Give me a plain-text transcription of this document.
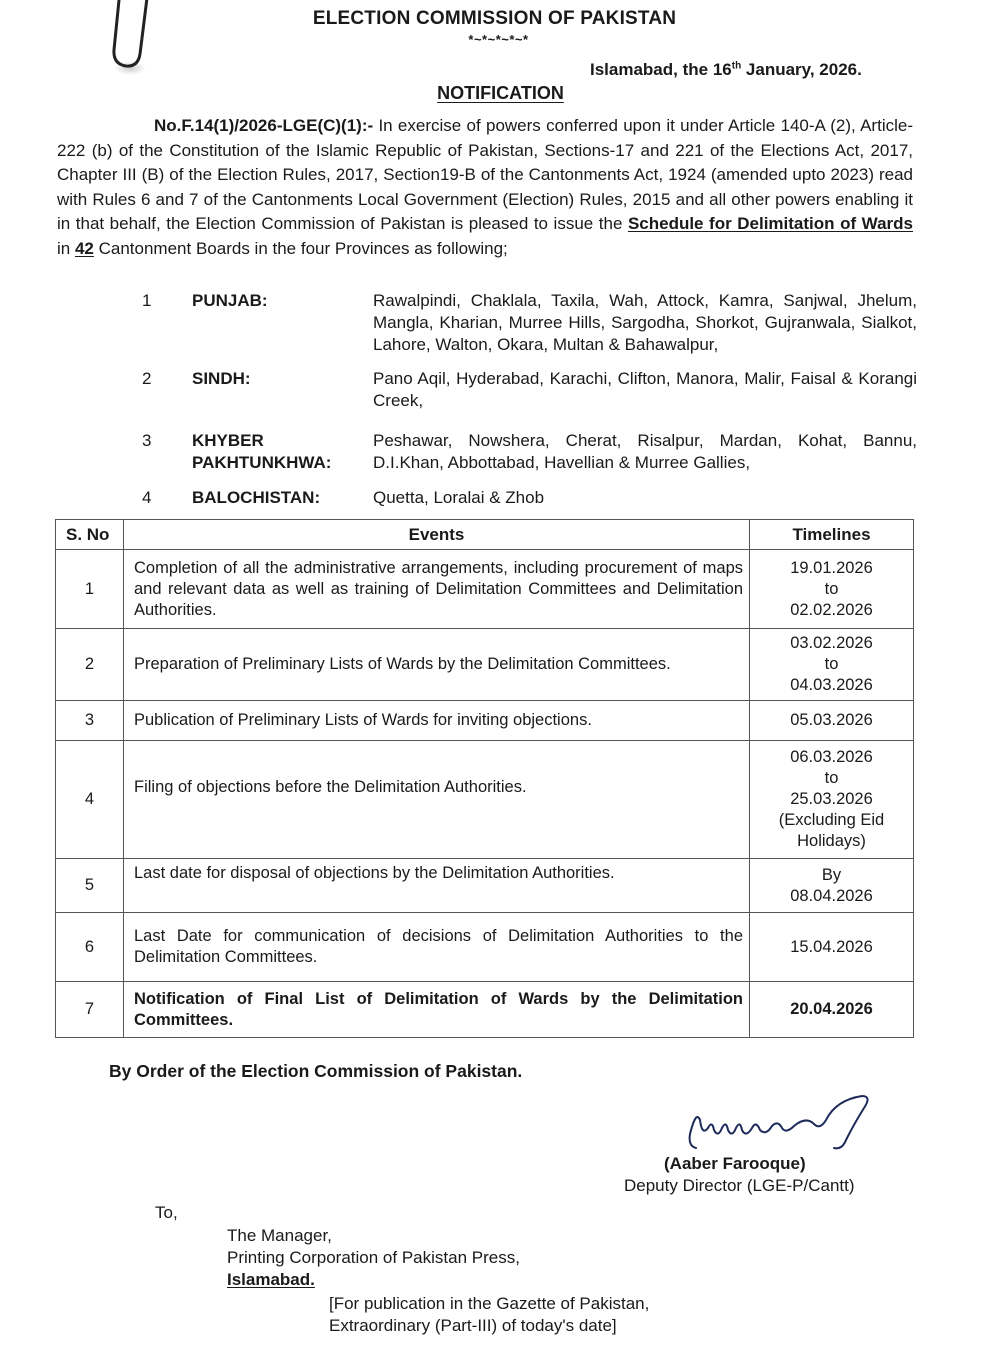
ELECTION COMMISSION OF PAKISTAN
*~*~*~*~*
Islamabad, the 16th January, 2026.
NOTIFICATION
No.F.14(1)/2026-LGE(C)(1):- In exercise of powers conferred upon it under Article 140-A (2), Article-222 (b) of the Constitution of the Islamic Republic of Pakistan, Sections-17 and 221 of the Elections Act, 2017, Chapter III (B) of the Election Rules, 2017, Section19-B of the Cantonments Act, 1924 (amended upto 2023) read with Rules 6 and 7 of the Cantonments Local Government (Election) Rules, 2015 and all other powers enabling it in that behalf, the Election Commission of Pakistan is pleased to issue the Schedule for Delimitation of Wards in 42 Cantonment Boards in the four Provinces as following;
1	PUNJAB:	Rawalpindi, Chaklala, Taxila, Wah, Attock, Kamra, Sanjwal, Jhelum, Mangla, Kharian, Murree Hills, Sargodha, Shorkot, Gujranwala, Sialkot, Lahore, Walton, Okara, Multan & Bahawalpur,
2	SINDH:	Pano Aqil, Hyderabad, Karachi, Clifton, Manora, Malir, Faisal & Korangi Creek,
3	KHYBER PAKHTUNKHWA:
Peshawar, Nowshera, Cherat, Risalpur, Mardan, Kohat, Bannu, D.I.Khan, Abbottabad, Havellian & Murree Gallies,
4	BALOCHISTAN:	Quetta, Loralai & Zhob
S. No	Events	Timelines
1	Completion of all the administrative arrangements, including procurement of maps and relevant data as well as training of Delimitation Committees and Delimitation Authorities.	19.01.2026
to
02.02.2026

2	Preparation of Preliminary Lists of Wards by the Delimitation Committees.	03.02.2026
to
04.03.2026

3	Publication of Preliminary Lists of Wards for inviting objections.	05.03.2026

4	Filing of objections before the Delimitation Authorities.	06.03.2026
to
25.03.2026
(Excluding Eid
Holidays)

5	Last date for disposal of objections by the Delimitation Authorities.	By
08.04.2026

6	Last Date for communication of decisions of Delimitation Authorities to the Delimitation Committees.	15.04.2026

7	Notification of Final List of Delimitation of Wards by the Delimitation Committees.	20.04.2026
By Order of the Election Commission of Pakistan.
(Aaber Farooque)
Deputy Director (LGE-P/Cantt)
To,
The Manager,
Printing Corporation of Pakistan Press,
Islamabad.
[For publication in the Gazette of Pakistan,
Extraordinary (Part-III) of today's date]
